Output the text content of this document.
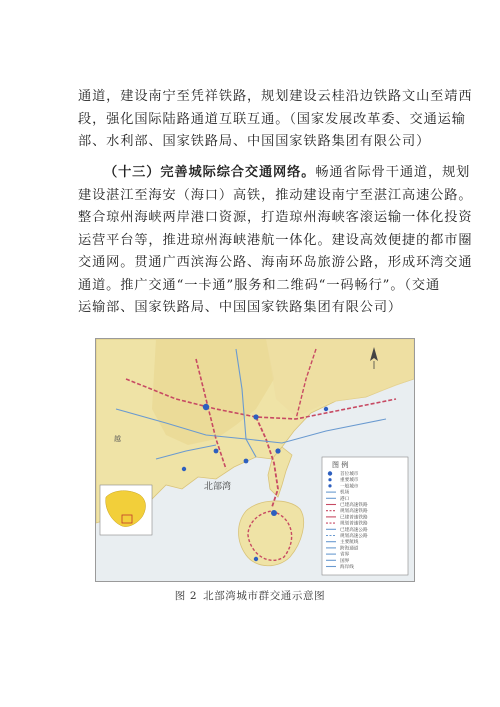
通道，建设南宁至凭祥铁路，规划建设云桂沿边铁路文山至靖西
段，强化国际陆路通道互联互通。（国家发展改革委、交通运输
部、水利部、国家铁路局、中国国家铁路集团有限公司）
（十三）完善城际综合交通网络。畅通省际骨干通道，规划
建设湛江至海安（海口）高铁，推动建设南宁至湛江高速公路。
整合琼州海峡两岸港口资源，打造琼州海峡客滚运输一体化投资
运营平台等，推进琼州海峡港航一体化。建设高效便捷的都市圈
交通网。贯通广西滨海公路、海南环岛旅游公路，形成环湾交通
通道。推广交通“一卡通”服务和二维码“一码畅行”。（交通
运输部、国家铁路局、中国国家铁路集团有限公司）
北部湾
越
图 例
首位城市
重要城市
一般城市
机场
港口
已建高速铁路
规划高速铁路
已建普速铁路
规划普速铁路
已建高速公路
规划高速公路
主要航线
跨海通道
省界
国界
海岸线
图 2 北部湾城市群交通示意图
